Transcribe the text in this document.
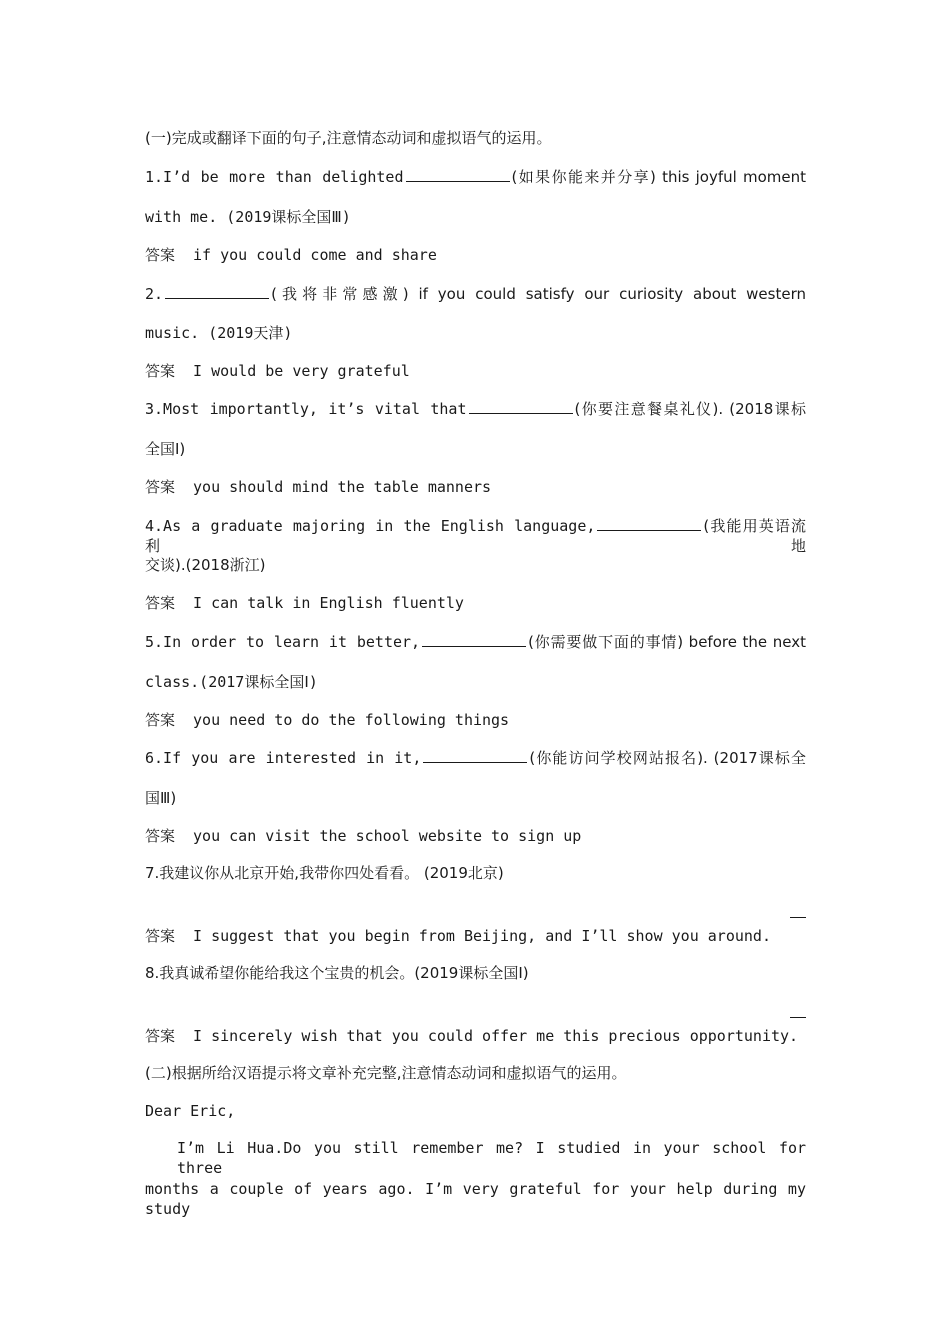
(一)完成或翻译下面的句子,注意情态动词和虚拟语气的运用。
1.I’d be more than delighted	(如果你能来并分享) this joyful moment
with me. (2019课标全国Ⅲ)
答案 if you could come and share
2.	(我将非常感激) if you could satisfy our curiosity about western
music. (2019天津)
答案 I would be very grateful
3.Most importantly, it’s vital that	(你要注意餐桌礼仪). (2018课标
全国Ⅰ)
答案 you should mind the table manners
4.As a graduate majoring in the English language,	(我能用英语流利地
交谈).(2018浙江)
答案 I can talk in English fluently
5.In order to learn it better,	(你需要做下面的事情) before the next
class.(2017课标全国Ⅰ)
答案 you need to do the following things
6.If you are interested in it,	(你能访问学校网站报名). (2017课标全
国Ⅲ)
答案 you can visit the school website to sign up
7.我建议你从北京开始,我带你四处看看。 (2019北京)
答案 I suggest that you begin from Beijing, and I’ll show you around.
8.我真诚希望你能给我这个宝贵的机会。(2019课标全国Ⅰ)
答案 I sincerely wish that you could offer me this precious opportunity.
(二)根据所给汉语提示将文章补充完整,注意情态动词和虚拟语气的运用。
Dear Eric,
I’m Li Hua.Do you still remember me? I studied in your school for three
months a couple of years ago. I’m very grateful for your help during my study
